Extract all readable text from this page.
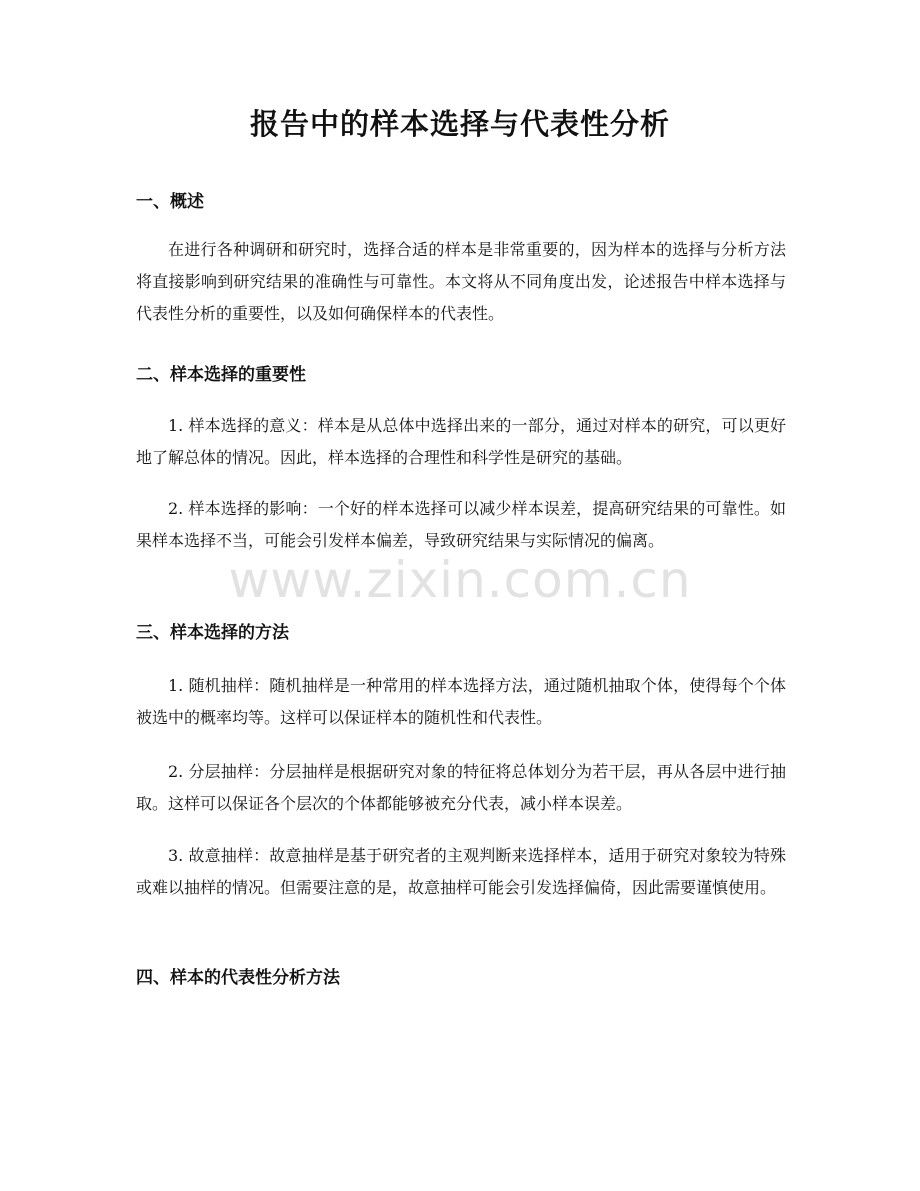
报告中的样本选择与代表性分析
一、概述

在进行各种调研和研究时，选择合适的样本是非常重要的，因为样本的选择与分析方法将直接影响到研究结果的准确性与可靠性。本文将从不同角度出发，论述报告中样本选择与代表性分析的重要性，以及如何确保样本的代表性。

二、样本选择的重要性

1. 样本选择的意义：样本是从总体中选择出来的一部分，通过对样本的研究，可以更好地了解总体的情况。因此，样本选择的合理性和科学性是研究的基础。

2. 样本选择的影响：一个好的样本选择可以减少样本误差，提高研究结果的可靠性。如果样本选择不当，可能会引发样本偏差，导致研究结果与实际情况的偏离。

三、样本选择的方法

1. 随机抽样：随机抽样是一种常用的样本选择方法，通过随机抽取个体，使得每个个体被选中的概率均等。这样可以保证样本的随机性和代表性。

2. 分层抽样：分层抽样是根据研究对象的特征将总体划分为若干层，再从各层中进行抽取。这样可以保证各个层次的个体都能够被充分代表，减小样本误差。

3. 故意抽样：故意抽样是基于研究者的主观判断来选择样本，适用于研究对象较为特殊或难以抽样的情况。但需要注意的是，故意抽样可能会引发选择偏倚，因此需要谨慎使用。

四、样本的代表性分析方法
www.zixin.com.cn
